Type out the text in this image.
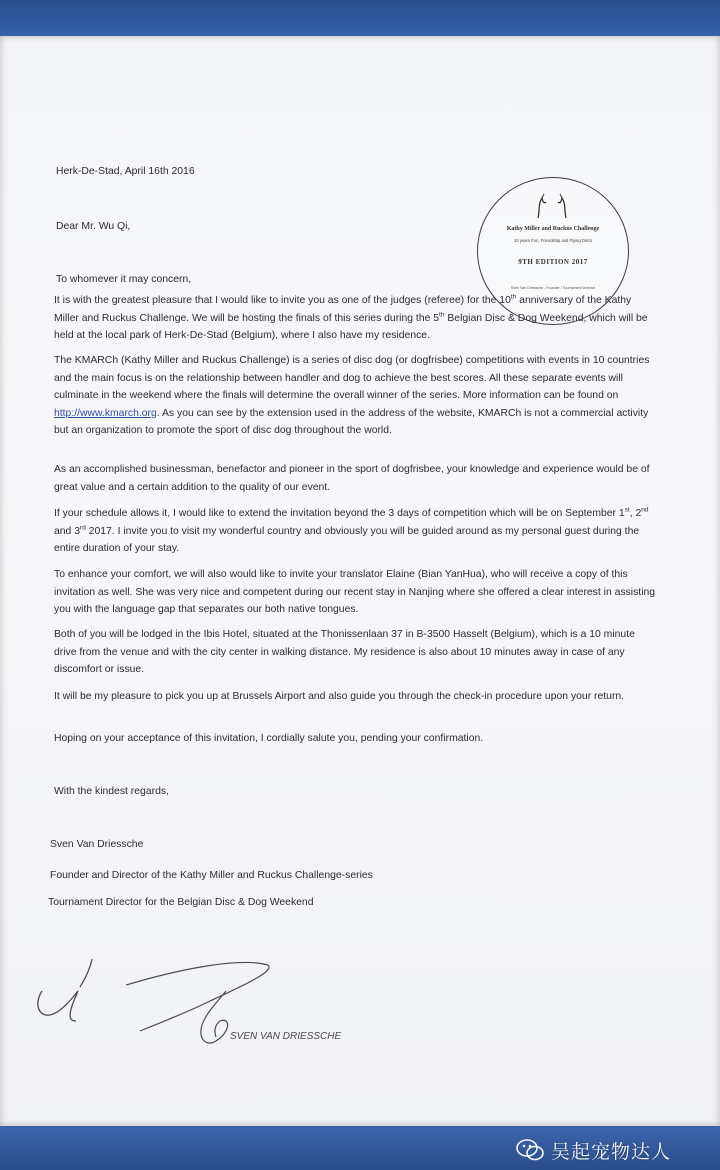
Kathy Miller and Ruckus Challenge
10 years Fun, Friendship and Flying Discs
9TH EDITION 2017
Sven Van Driessche - Founder / Tournament Director
Herk-De-Stad, April 16th 2016
Dear Mr. Wu Qi,
To whomever it may concern,
It is with the greatest pleasure that I would like to invite you as one of the judges (referee) for the 10th anniversary of the Kathy Miller and Ruckus Challenge. We will be hosting the finals of this series during the 5th Belgian Disc & Dog Weekend, which will be held at the local park of Herk-De-Stad (Belgium), where I also have my residence.
The KMARCh (Kathy Miller and Ruckus Challenge) is a series of disc dog (or dogfrisbee) competitions with events in 10 countries and the main focus is on the relationship between handler and dog to achieve the best scores. All these separate events will culminate in the weekend where the finals will determine the overall winner of the series. More information can be found on http://www.kmarch.org. As you can see by the extension used in the address of the website, KMARCh is not a commercial activity but an organization to promote the sport of disc dog throughout the world.
As an accomplished businessman, benefactor and pioneer in the sport of dogfrisbee, your knowledge and experience would be of great value and a certain addition to the quality of our event.
If your schedule allows it, I would like to extend the invitation beyond the 3 days of competition which will be on September 1st, 2nd and 3rd 2017. I invite you to visit my wonderful country and obviously you will be guided around as my personal guest during the entire duration of your stay.
To enhance your comfort, we will also would like to invite your translator Elaine (Bian YanHua), who will receive a copy of this invitation as well. She was very nice and competent during our recent stay in Nanjing where she offered a clear interest in assisting you with the language gap that separates our both native tongues.
Both of you will be lodged in the Ibis Hotel, situated at the Thonissenlaan 37 in B-3500 Hasselt (Belgium), which is a 10 minute drive from the venue and with the city center in walking distance. My residence is also about 10 minutes away in case of any discomfort or issue.
It will be my pleasure to pick you up at Brussels Airport and also guide you through the check-in procedure upon your return.
Hoping on your acceptance of this invitation, I cordially salute you, pending your confirmation.
With the kindest regards,
Sven Van Driessche
Founder and Director of the Kathy Miller and Ruckus Challenge-series
Tournament Director for the Belgian Disc & Dog Weekend
SVEN VAN DRIESSCHE
吴起宠物达人
